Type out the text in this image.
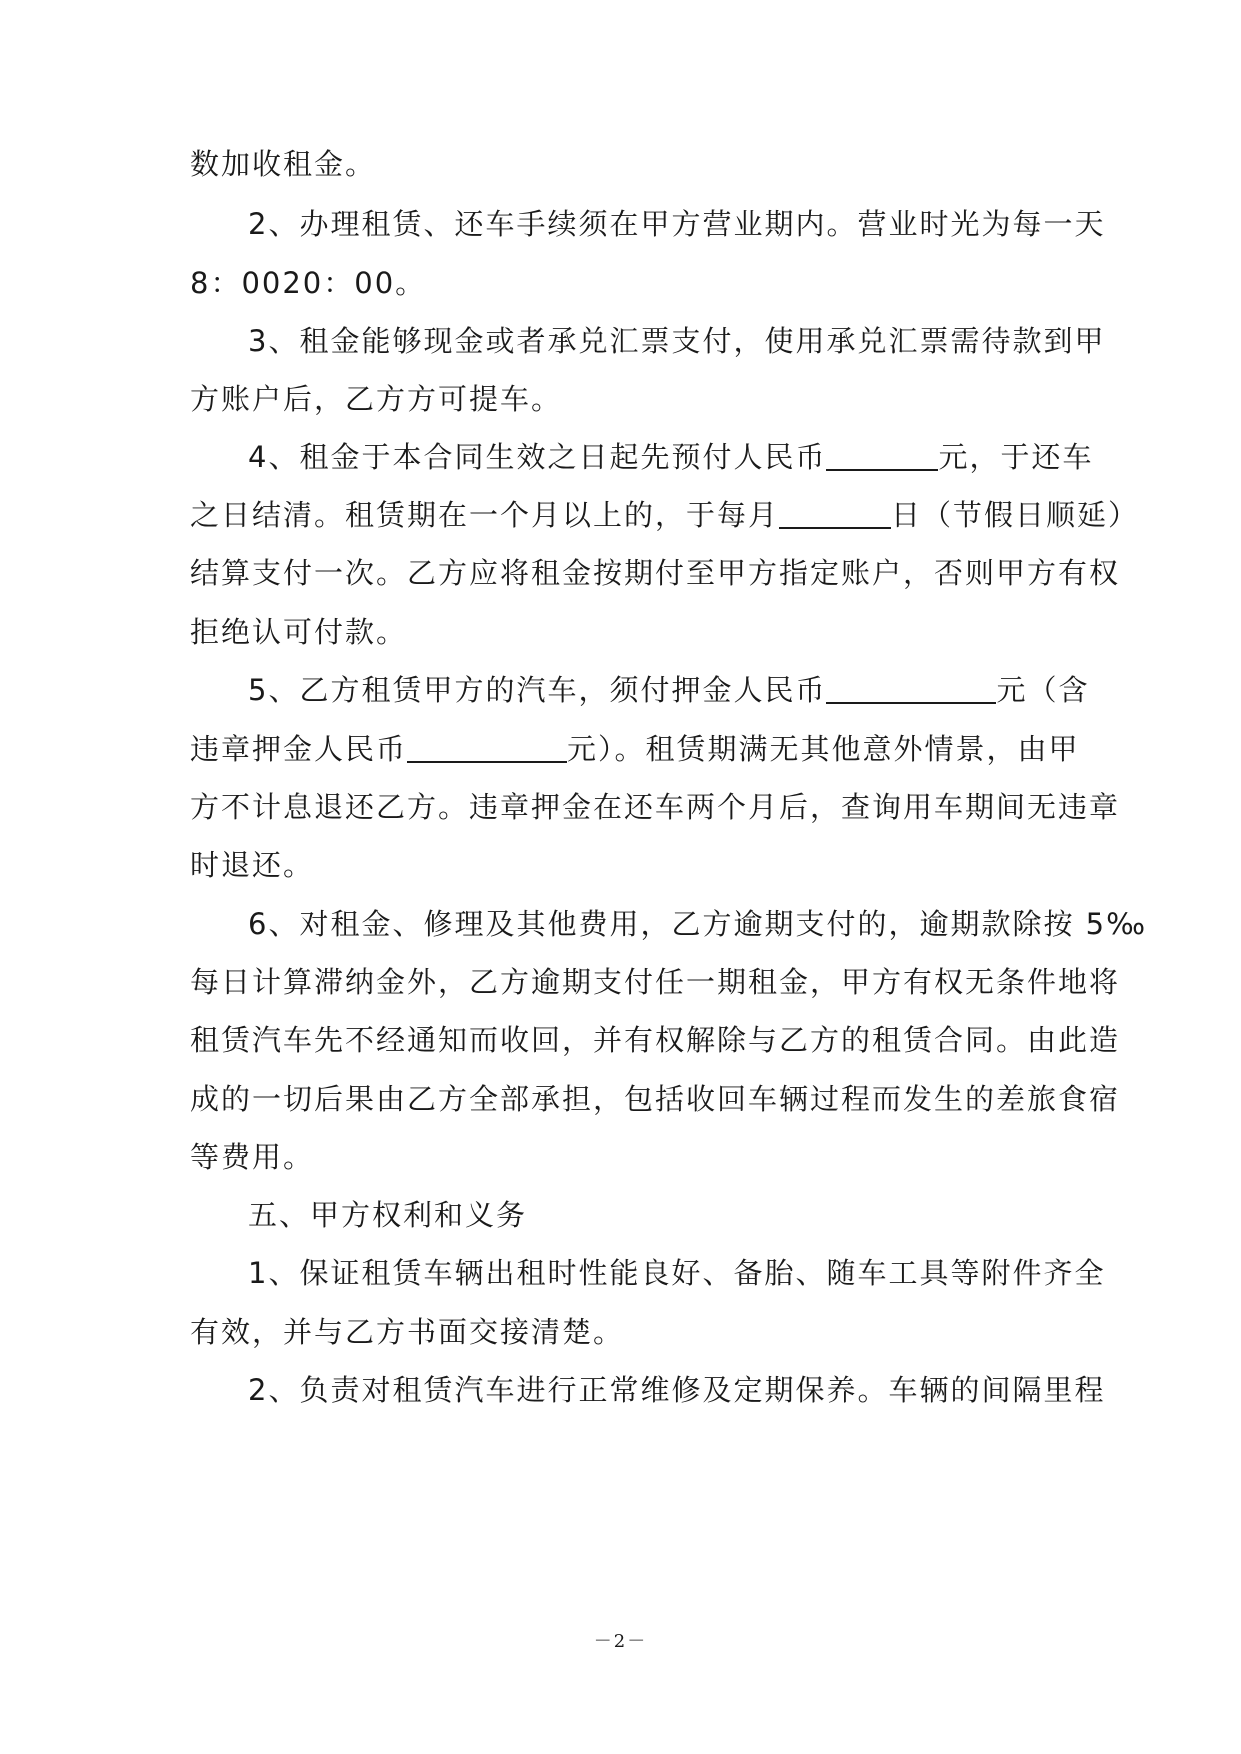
数加收租金。
2、办理租赁、还车手续须在甲方营业期内。营业时光为每一天
8：0020：00。
3、租金能够现金或者承兑汇票支付，使用承兑汇票需待款到甲
方账户后，乙方方可提车。
4、租金于本合同生效之日起先预付人民币	元，于还车
之日结清。租赁期在一个月以上的，于每月	日（节假日顺延）
结算支付一次。乙方应将租金按期付至甲方指定账户，否则甲方有权
拒绝认可付款。
5、乙方租赁甲方的汽车，须付押金人民币	元（含
违章押金人民币	元）。租赁期满无其他意外情景，由甲
方不计息退还乙方。违章押金在还车两个月后，查询用车期间无违章
时退还。
6、对租金、修理及其他费用，乙方逾期支付的，逾期款除按 5‰
每日计算滞纳金外，乙方逾期支付任一期租金，甲方有权无条件地将
租赁汽车先不经通知而收回，并有权解除与乙方的租赁合同。由此造
成的一切后果由乙方全部承担，包括收回车辆过程而发生的差旅食宿
等费用。
五、甲方权利和义务
1、保证租赁车辆出租时性能良好、备胎、随车工具等附件齐全
有效，并与乙方书面交接清楚。
2、负责对租赁汽车进行正常维修及定期保养。车辆的间隔里程
－2－
